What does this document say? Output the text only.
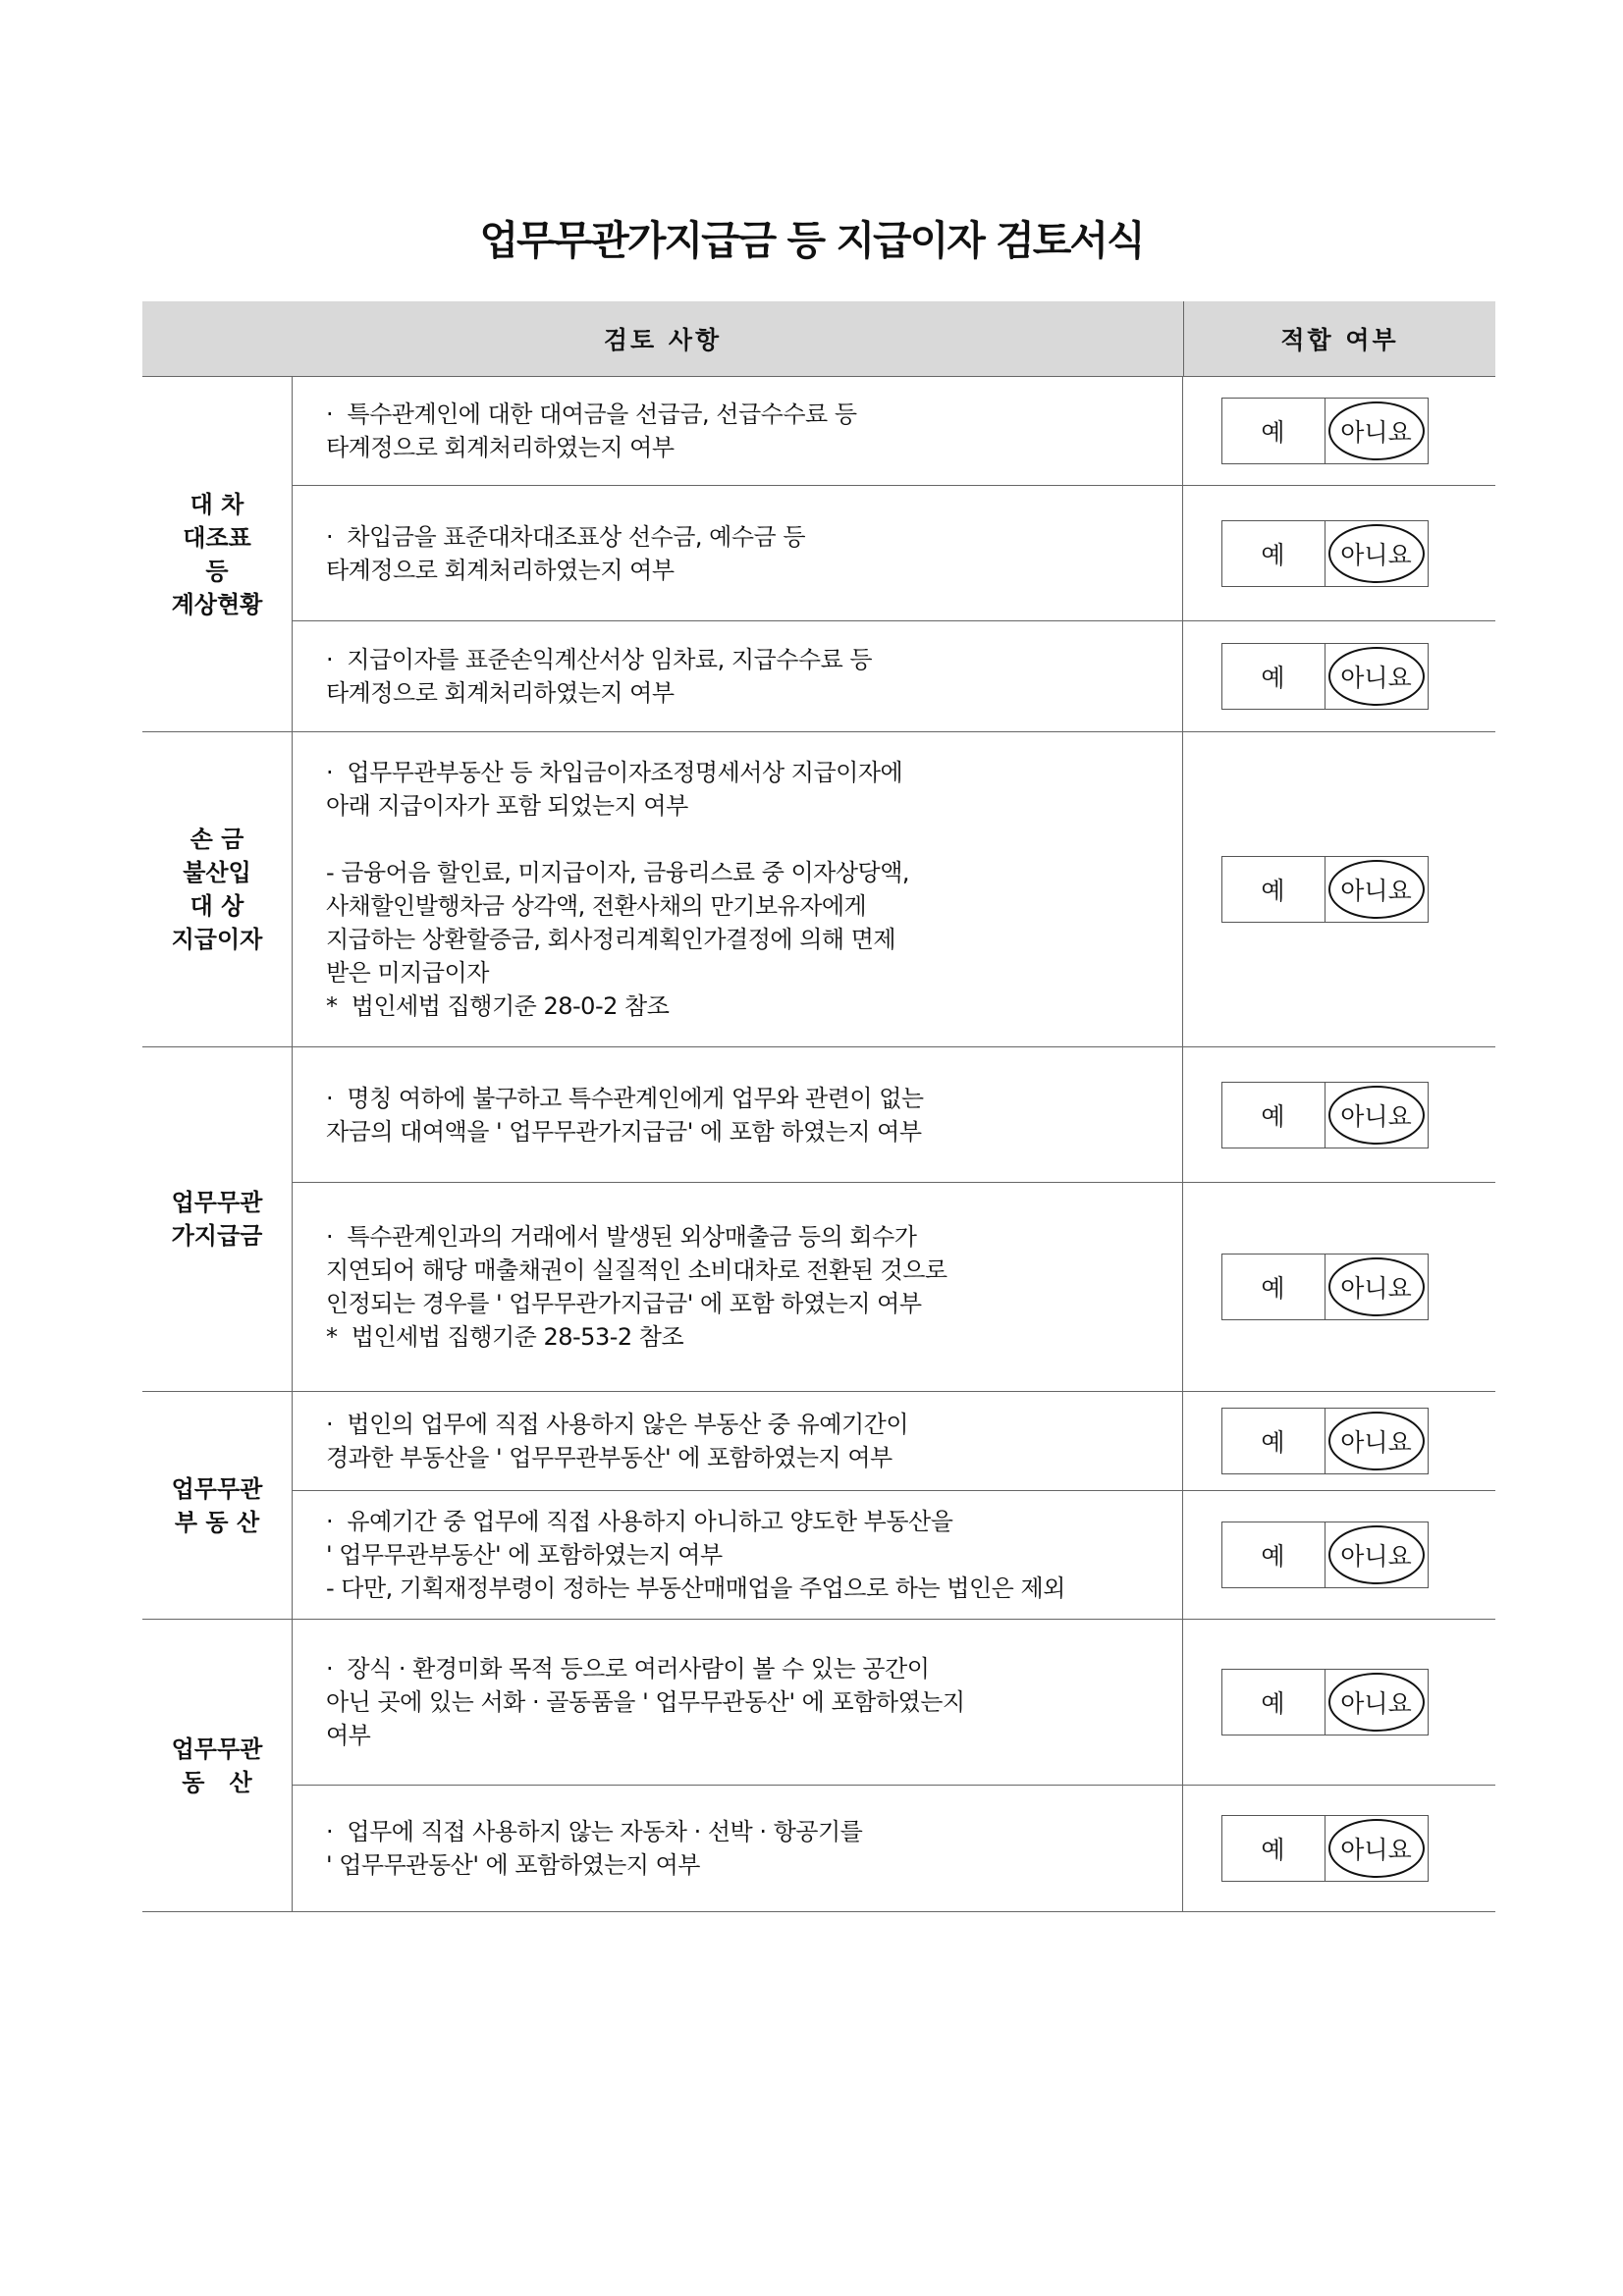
업무무관가지급금 등 지급이자 검토서식
검토 사항	적합 여부
대 차
대조표
등
계상현황

·  특수관계인에 대한 대여금을 선급금, 선급수수료 등

타계정으로 회계처리하였는지 여부

예	아니요

·  차입금을 표준대차대조표상 선수금, 예수금 등

타계정으로 회계처리하였는지 여부

예	아니요

·  지급이자를 표준손익계산서상 임차료, 지급수수료 등

타계정으로 회계처리하였는지 여부

예	아니요
손 금
불산입
대 상
지급이자

·  업무무관부동산 등 차입금이자조정명세서상 지급이자에

아래 지급이자가 포함 되었는지 여부

- 금융어음 할인료, 미지급이자, 금융리스료 중 이자상당액,

사채할인발행차금 상각액, 전환사채의 만기보유자에게

지급하는 상환할증금, 회사정리계획인가결정에 의해 면제

받은 미지급이자

*  법인세법 집행기준 28-0-2 참조

예	아니요
업무무관
가지급금

·  명칭 여하에 불구하고 특수관계인에게 업무와 관련이 없는

자금의 대여액을 ' 업무무관가지급금' 에 포함 하였는지 여부

예	아니요

·  특수관계인과의 거래에서 발생된 외상매출금 등의 회수가

지연되어 해당 매출채권이 실질적인 소비대차로 전환된 것으로

인정되는 경우를 ' 업무무관가지급금' 에 포함 하였는지 여부

*  법인세법 집행기준 28-53-2 참조

예	아니요
업무무관
부 동 산

·  법인의 업무에 직접 사용하지 않은 부동산 중 유예기간이

경과한 부동산을 ' 업무무관부동산' 에 포함하였는지 여부

예	아니요

·  유예기간 중 업무에 직접 사용하지 아니하고 양도한 부동산을

' 업무무관부동산' 에 포함하였는지 여부

- 다만, 기획재정부령이 정하는 부동산매매업을 주업으로 하는 법인은 제외

예	아니요
업무무관
동   산

·  장식 · 환경미화 목적 등으로 여러사람이 볼 수 있는 공간이

아닌 곳에 있는 서화 · 골동품을 ' 업무무관동산' 에 포함하였는지

여부

예	아니요

·  업무에 직접 사용하지 않는 자동차 · 선박 · 항공기를

' 업무무관동산' 에 포함하였는지 여부

예	아니요
